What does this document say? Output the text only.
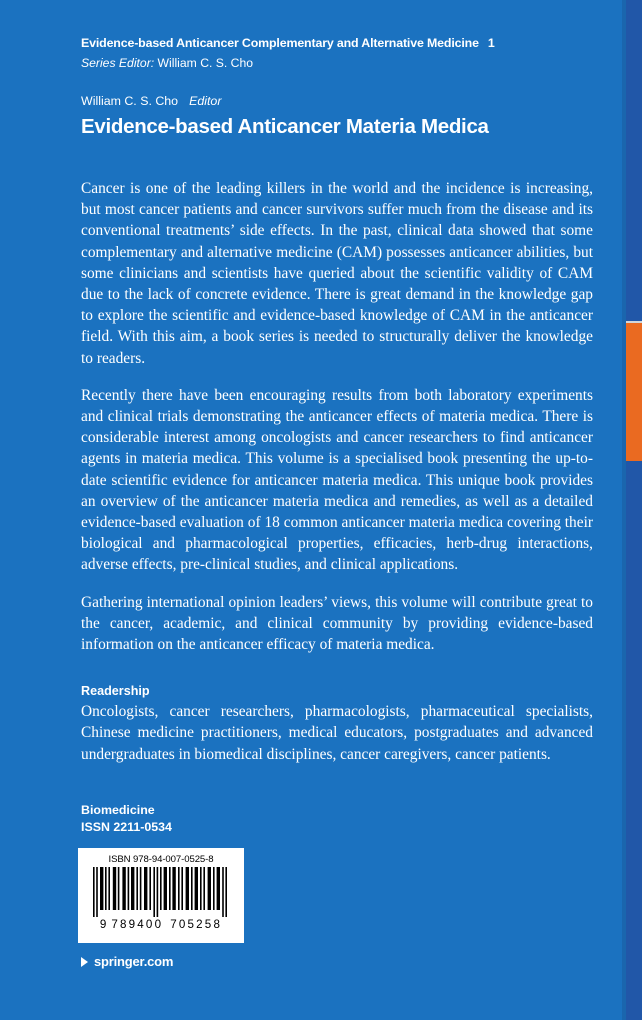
Evidence-based Anticancer Complementary and Alternative Medicine 1
Series Editor: William C. S. Cho
William C. S. Cho Editor
Evidence-based Anticancer Materia Medica

Cancer is one of the leading killers in the world and the incidence is increasing, but most cancer patients and cancer survivors suffer much from the disease and its conventional treatments’ side effects. In the past, clinical data showed that some complementary and alternative medicine (CAM) possesses anticancer abilities, but some clinicians and scientists have queried about the scientific validity of CAM due to the lack of concrete evidence. There is great demand in the knowledge gap to explore the scientific and evidence-based knowledge of CAM in the anticancer field. With this aim, a book series is needed to structurally deliver the knowledge to readers.

Recently there have been encouraging results from both laboratory experiments and clinical trials demonstrating the anticancer effects of materia medica. There is considerable interest among oncologists and cancer researchers to find anticancer agents in materia medica. This volume is a specialised book presenting the up-to-date scientific evidence for anticancer materia medica. This unique book provides an overview of the anticancer materia medica and remedies, as well as a detailed evidence-based evaluation of 18 common anticancer materia medica covering their biological and pharmacological properties, efficacies, herb-drug interactions, adverse effects, pre-clinical studies, and clinical applications.

Gathering international opinion leaders’ views, this volume will contribute great to the cancer, academic, and clinical community by providing evidence-based information on the anticancer efficacy of materia medica.

Readership

Oncologists, cancer researchers, pharmacologists, pharmaceutical specialists, Chinese medicine practitioners, medical educators, postgraduates and advanced undergraduates in biomedical disciplines, cancer caregivers, cancer patients.

Biomedicine
ISSN 2211-0534
ISBN 978-94-007-0525-8
9 789400 705258
springer.com
